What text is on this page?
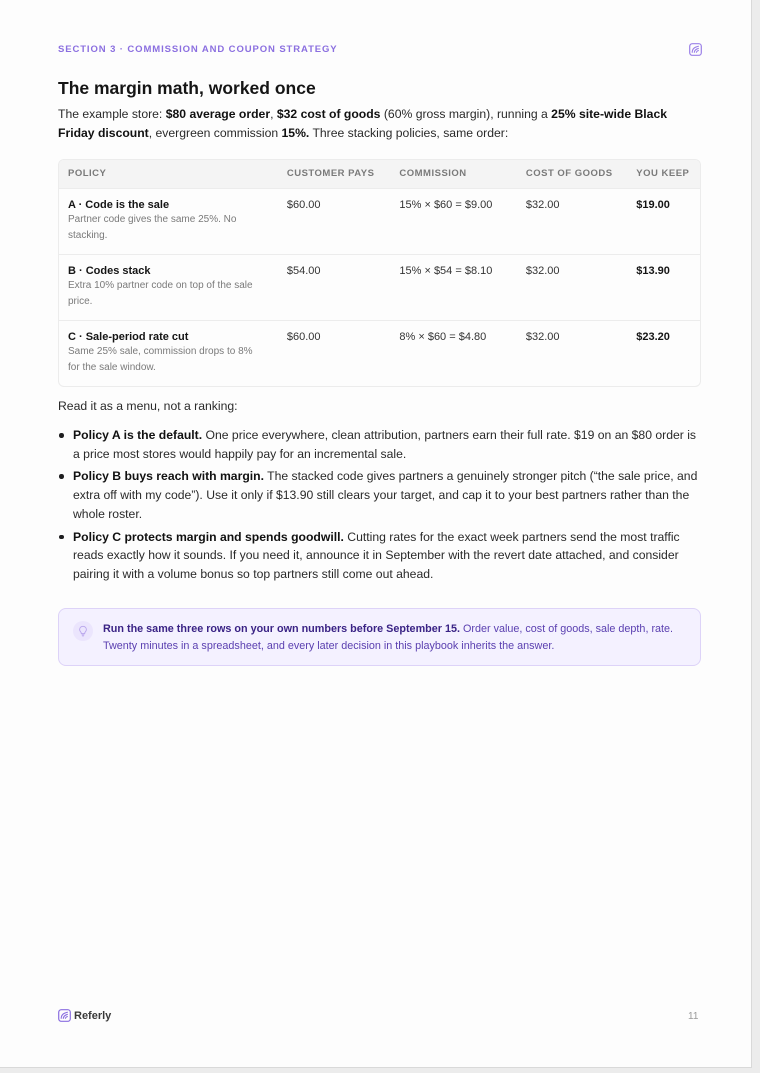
SECTION 3 · COMMISSION AND COUPON STRATEGY
The margin math, worked once

The example store: $80 average order, $32 cost of goods (60% gross margin), running a 25% site-wide Black Friday discount, evergreen commission 15%. Three stacking policies, same order:

POLICY	CUSTOMER PAYS	COMMISSION	COST OF GOODS	YOU KEEP

A · Code is the sale
Partner code gives the same 25%. No stacking.	$60.00	15% × $60 = $9.00	$32.00	$19.00

B · Codes stack
Extra 10% partner code on top of the sale price.	$54.00	15% × $54 = $8.10	$32.00	$13.90

C · Sale-period rate cut
Same 25% sale, commission drops to 8% for the sale window.	$60.00	8% × $60 = $4.80	$32.00	$23.20

Read it as a menu, not a ranking:

Policy A is the default. One price everywhere, clean attribution, partners earn their full rate. $19 on an $80 order is a price most stores would happily pay for an incremental sale.
Policy B buys reach with margin. The stacked code gives partners a genuinely stronger pitch (“the sale price, and extra off with my code”). Use it only if $13.90 still clears your target, and cap it to your best partners rather than the whole roster.
Policy C protects margin and spends goodwill. Cutting rates for the exact week partners send the most traffic reads exactly how it sounds. If you need it, announce it in September with the revert date attached, and consider pairing it with a volume bonus so top partners still come out ahead.

Run the same three rows on your own numbers before September 15. Order value, cost of goods, sale depth, rate. Twenty minutes in a spreadsheet, and every later decision in this playbook inherits the answer.

Referly	11
